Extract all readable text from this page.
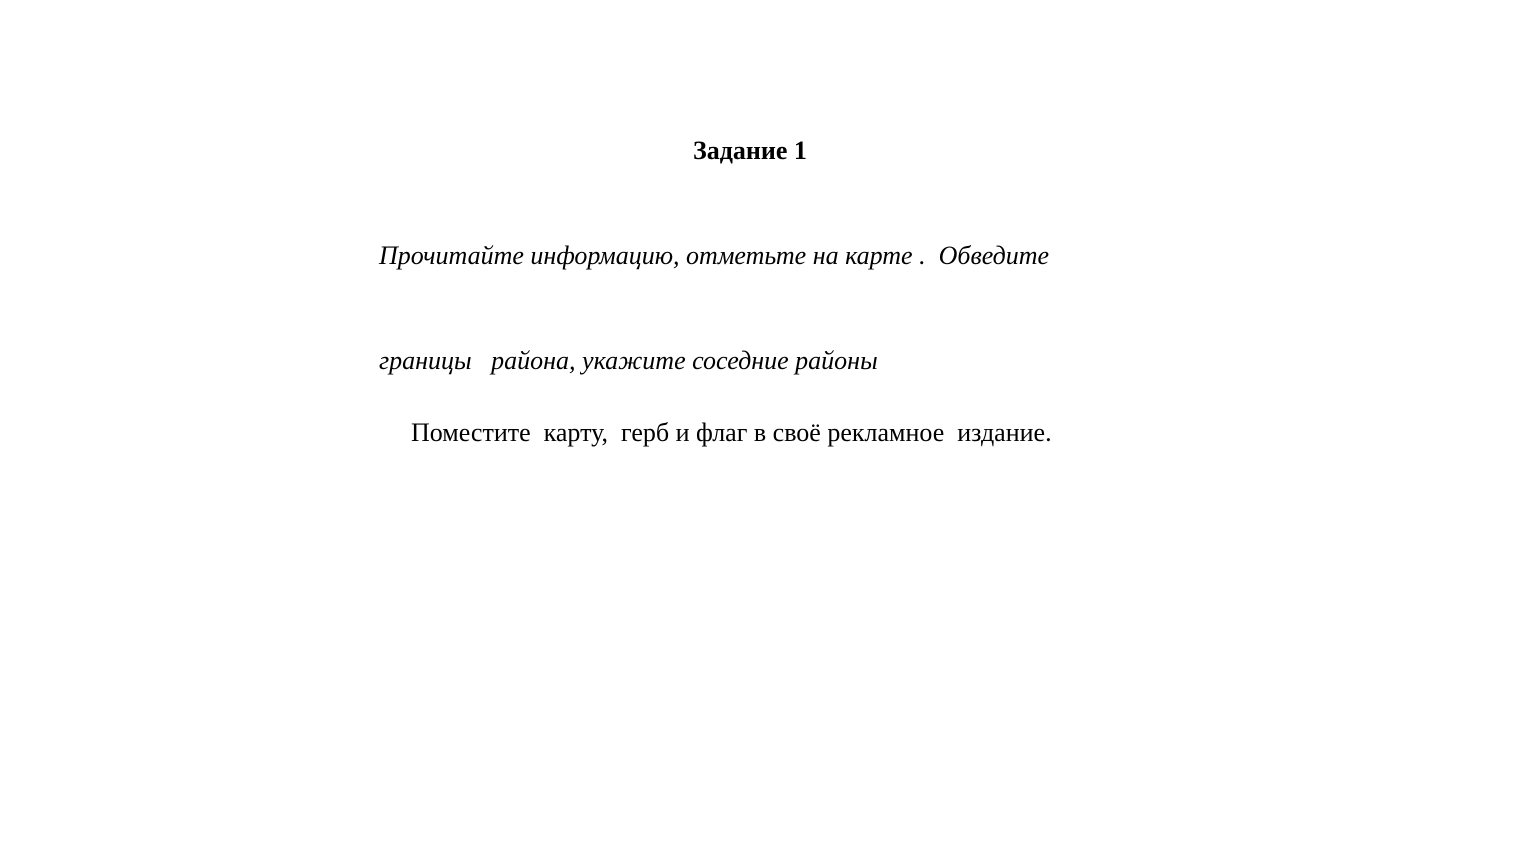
Задание 1

Прочитайте информацию, отметьте на карте .  Обведите

границы   района, укажите соседние районы

Поместите  карту,  герб и флаг в своё рекламное  издание.
